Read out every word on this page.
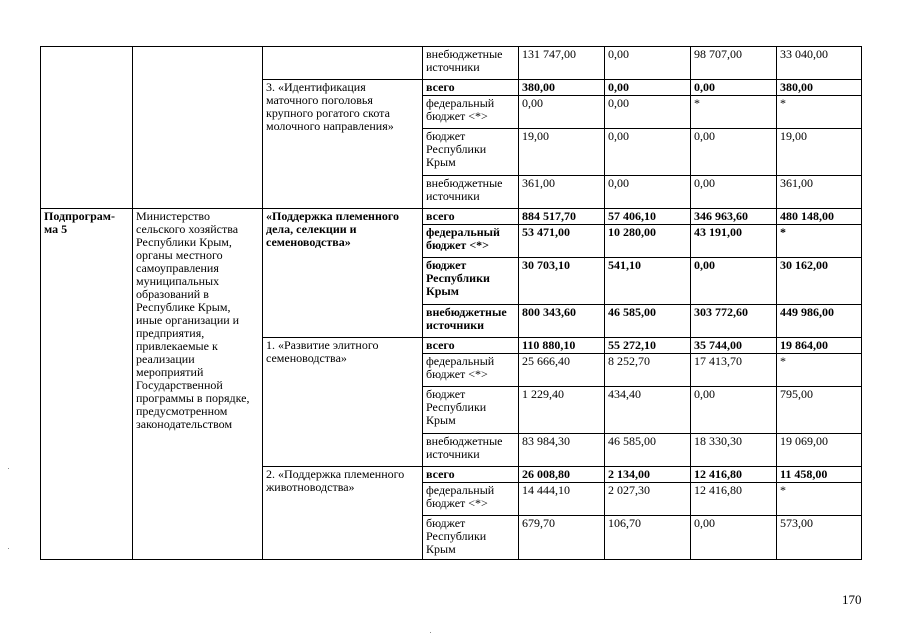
			внебюджетные источники	131 747,00	0,00	98 707,00	33 040,00
		3. «Идентификация маточного поголовья крупного рогатого скота молочного направления»	всего	380,00	0,00	0,00	380,00
			федеральный бюджет <*>	0,00	0,00	*	*
			бюджет Республики Крым	19,00	0,00	0,00	19,00
			внебюджетные источники	361,00	0,00	0,00	361,00
Подпрограм-ма 5	Министерство сельского хозяйства Республики Крым, органы местного самоуправления муниципальных образований в Республике Крым, иные организации и предприятия, привлекаемые к реализации мероприятий Государственной программы в порядке, предусмотренном законодательством	«Поддержка племенного дела, селекции и семеноводства»	всего	884 517,70	57 406,10	346 963,60	480 148,00
			федеральный бюджет <*>	53 471,00	10 280,00	43 191,00	*
			бюджет Республики Крым	30 703,10	541,10	0,00	30 162,00
			внебюджетные источники	800 343,60	46 585,00	303 772,60	449 986,00
		1. «Развитие элитного семеноводства»	всего	110 880,10	55 272,10	35 744,00	19 864,00
			федеральный бюджет <*>	25 666,40	8 252,70	17 413,70	*
			бюджет Республики Крым	1 229,40	434,40	0,00	795,00
			внебюджетные источники	83 984,30	46 585,00	18 330,30	19 069,00
		2. «Поддержка племенного животноводства»	всего	26 008,80	2 134,00	12 416,80	11 458,00
			федеральный бюджет <*>	14 444,10	2 027,30	12 416,80	*
			бюджет Республики Крым	679,70	106,70	0,00	573,00
170
